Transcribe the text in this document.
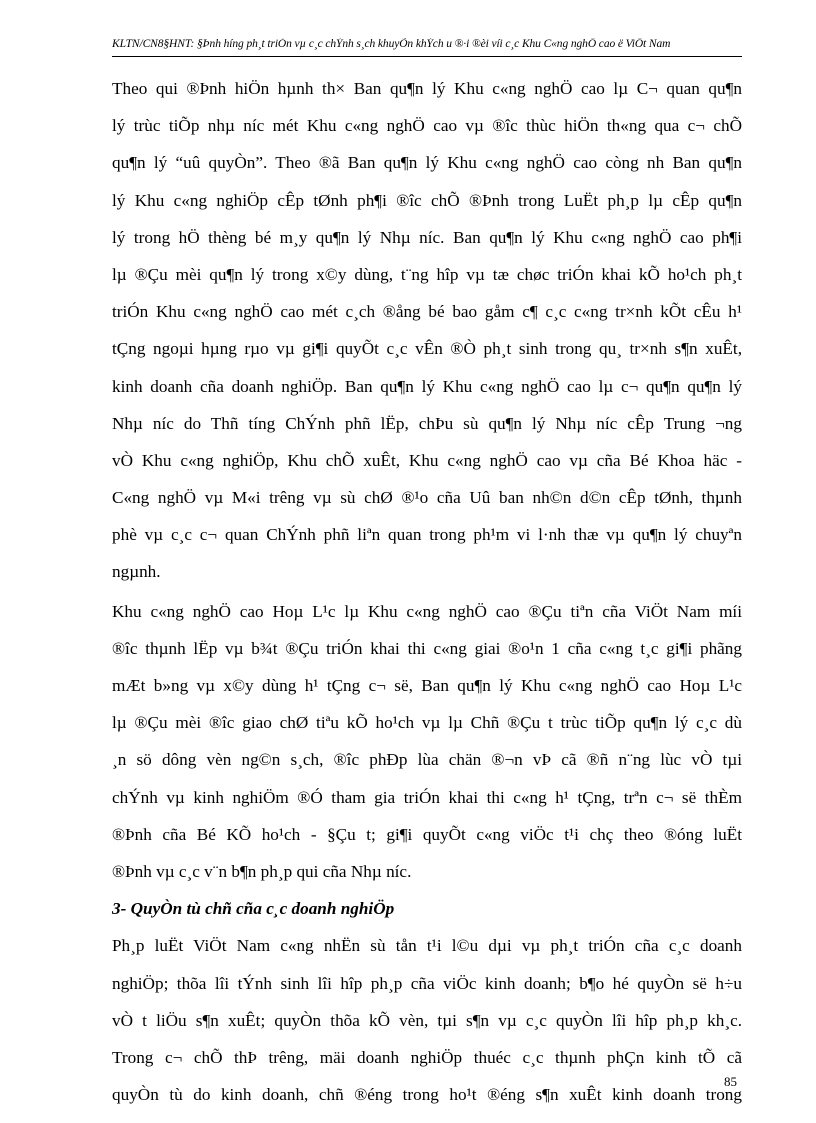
KLTN/CN8§HNT: §Þnh híng ph¸t triÓn vµ c¸c chÝnh s¸ch khuyÕn khÝch u ®·i ®èi víi c¸c Khu C«ng nghÖ cao ë ViÖt Nam
Theo qui ®Þnh hiÖn hµnh th× Ban qu¶n lý Khu c«ng nghÖ cao lµ C¬ quan qu¶n
lý trùc tiÕp nhµ níc mét Khu c«ng nghÖ cao vµ ®îc thùc hiÖn th«ng qua c¬ chÕ
qu¶n lý “uû quyÒn”. Theo ®ã Ban qu¶n lý Khu c«ng nghÖ cao còng nh Ban qu¶n
lý Khu c«ng nghiÖp cÊp tØnh ph¶i ®îc chÕ ®Þnh trong LuËt ph¸p lµ cÊp qu¶n
lý trong hÖ thèng bé m¸y qu¶n lý Nhµ níc. Ban qu¶n lý Khu c«ng nghÖ cao ph¶i
lµ ®Çu mèi qu¶n lý trong x©y dùng, t¨ng hîp vµ tæ chøc triÓn khai kÕ ho¹ch ph¸t
triÓn Khu c«ng nghÖ cao mét c¸ch ®ång bé bao gåm c¶ c¸c c«ng tr×nh kÕt cÊu h¹
tÇng ngoµi hµng rµo vµ gi¶i quyÕt c¸c vÊn ®Ò ph¸t sinh trong qu¸ tr×nh s¶n xuÊt,
kinh doanh cña doanh nghiÖp. Ban qu¶n lý Khu c«ng nghÖ cao lµ c¬ qu¶n qu¶n lý
Nhµ níc do Thñ tíng ChÝnh phñ lËp, chÞu sù qu¶n lý Nhµ níc cÊp Trung ¬ng
vÒ Khu c«ng nghiÖp, Khu chÕ xuÊt, Khu c«ng nghÖ cao vµ cña Bé Khoa häc -
C«ng nghÖ vµ M«i trêng vµ sù chØ ®¹o cña Uû ban nh©n d©n cÊp tØnh, thµnh
phè vµ c¸c c¬ quan ChÝnh phñ liªn quan trong ph¹m vi l·nh thæ vµ qu¶n lý chuyªn
ngµnh.
Khu c«ng nghÖ cao Hoµ L¹c lµ Khu c«ng nghÖ cao ®Çu tiªn cña ViÖt Nam míi
®îc thµnh lËp vµ b¾t ®Çu triÓn khai thi c«ng giai ®o¹n 1 cña c«ng t¸c gi¶i phãng
mÆt b»ng vµ x©y dùng h¹ tÇng c¬ së, Ban qu¶n lý Khu c«ng nghÖ cao Hoµ L¹c
lµ ®Çu mèi ®îc giao chØ tiªu kÕ ho¹ch vµ lµ Chñ ®Çu t trùc tiÕp qu¶n lý c¸c dù
¸n sö dông vèn ng©n s¸ch, ®îc phÐp lùa chän ®¬n vÞ cã ®ñ n¨ng lùc vÒ tµi
chÝnh vµ kinh nghiÖm ®Ó tham gia triÓn khai thi c«ng h¹ tÇng, trªn c¬ së thÈm
®Þnh cña Bé KÕ ho¹ch - §Çu t; gi¶i quyÕt c«ng viÖc t¹i chç theo ®óng luËt
®Þnh vµ c¸c v¨n b¶n ph¸p qui cña Nhµ níc.
3- QuyÒn tù chñ cña c¸c doanh nghiÖp
Ph¸p luËt ViÖt Nam c«ng nhËn sù tån t¹i l©u dµi vµ ph¸t triÓn cña c¸c doanh
nghiÖp; thõa lîi tÝnh sinh lîi hîp ph¸p cña viÖc kinh doanh; b¶o hé quyÒn së h÷u
vÒ t liÖu s¶n xuÊt; quyÒn thõa kÕ vèn, tµi s¶n vµ c¸c quyÒn lîi hîp ph¸p kh¸c.
Trong c¬ chÕ thÞ trêng, mäi doanh nghiÖp thuéc c¸c thµnh phÇn kinh tÕ cã
quyÒn tù do kinh doanh, chñ ®éng trong ho¹t ®éng s¶n xuÊt kinh doanh trong
85
